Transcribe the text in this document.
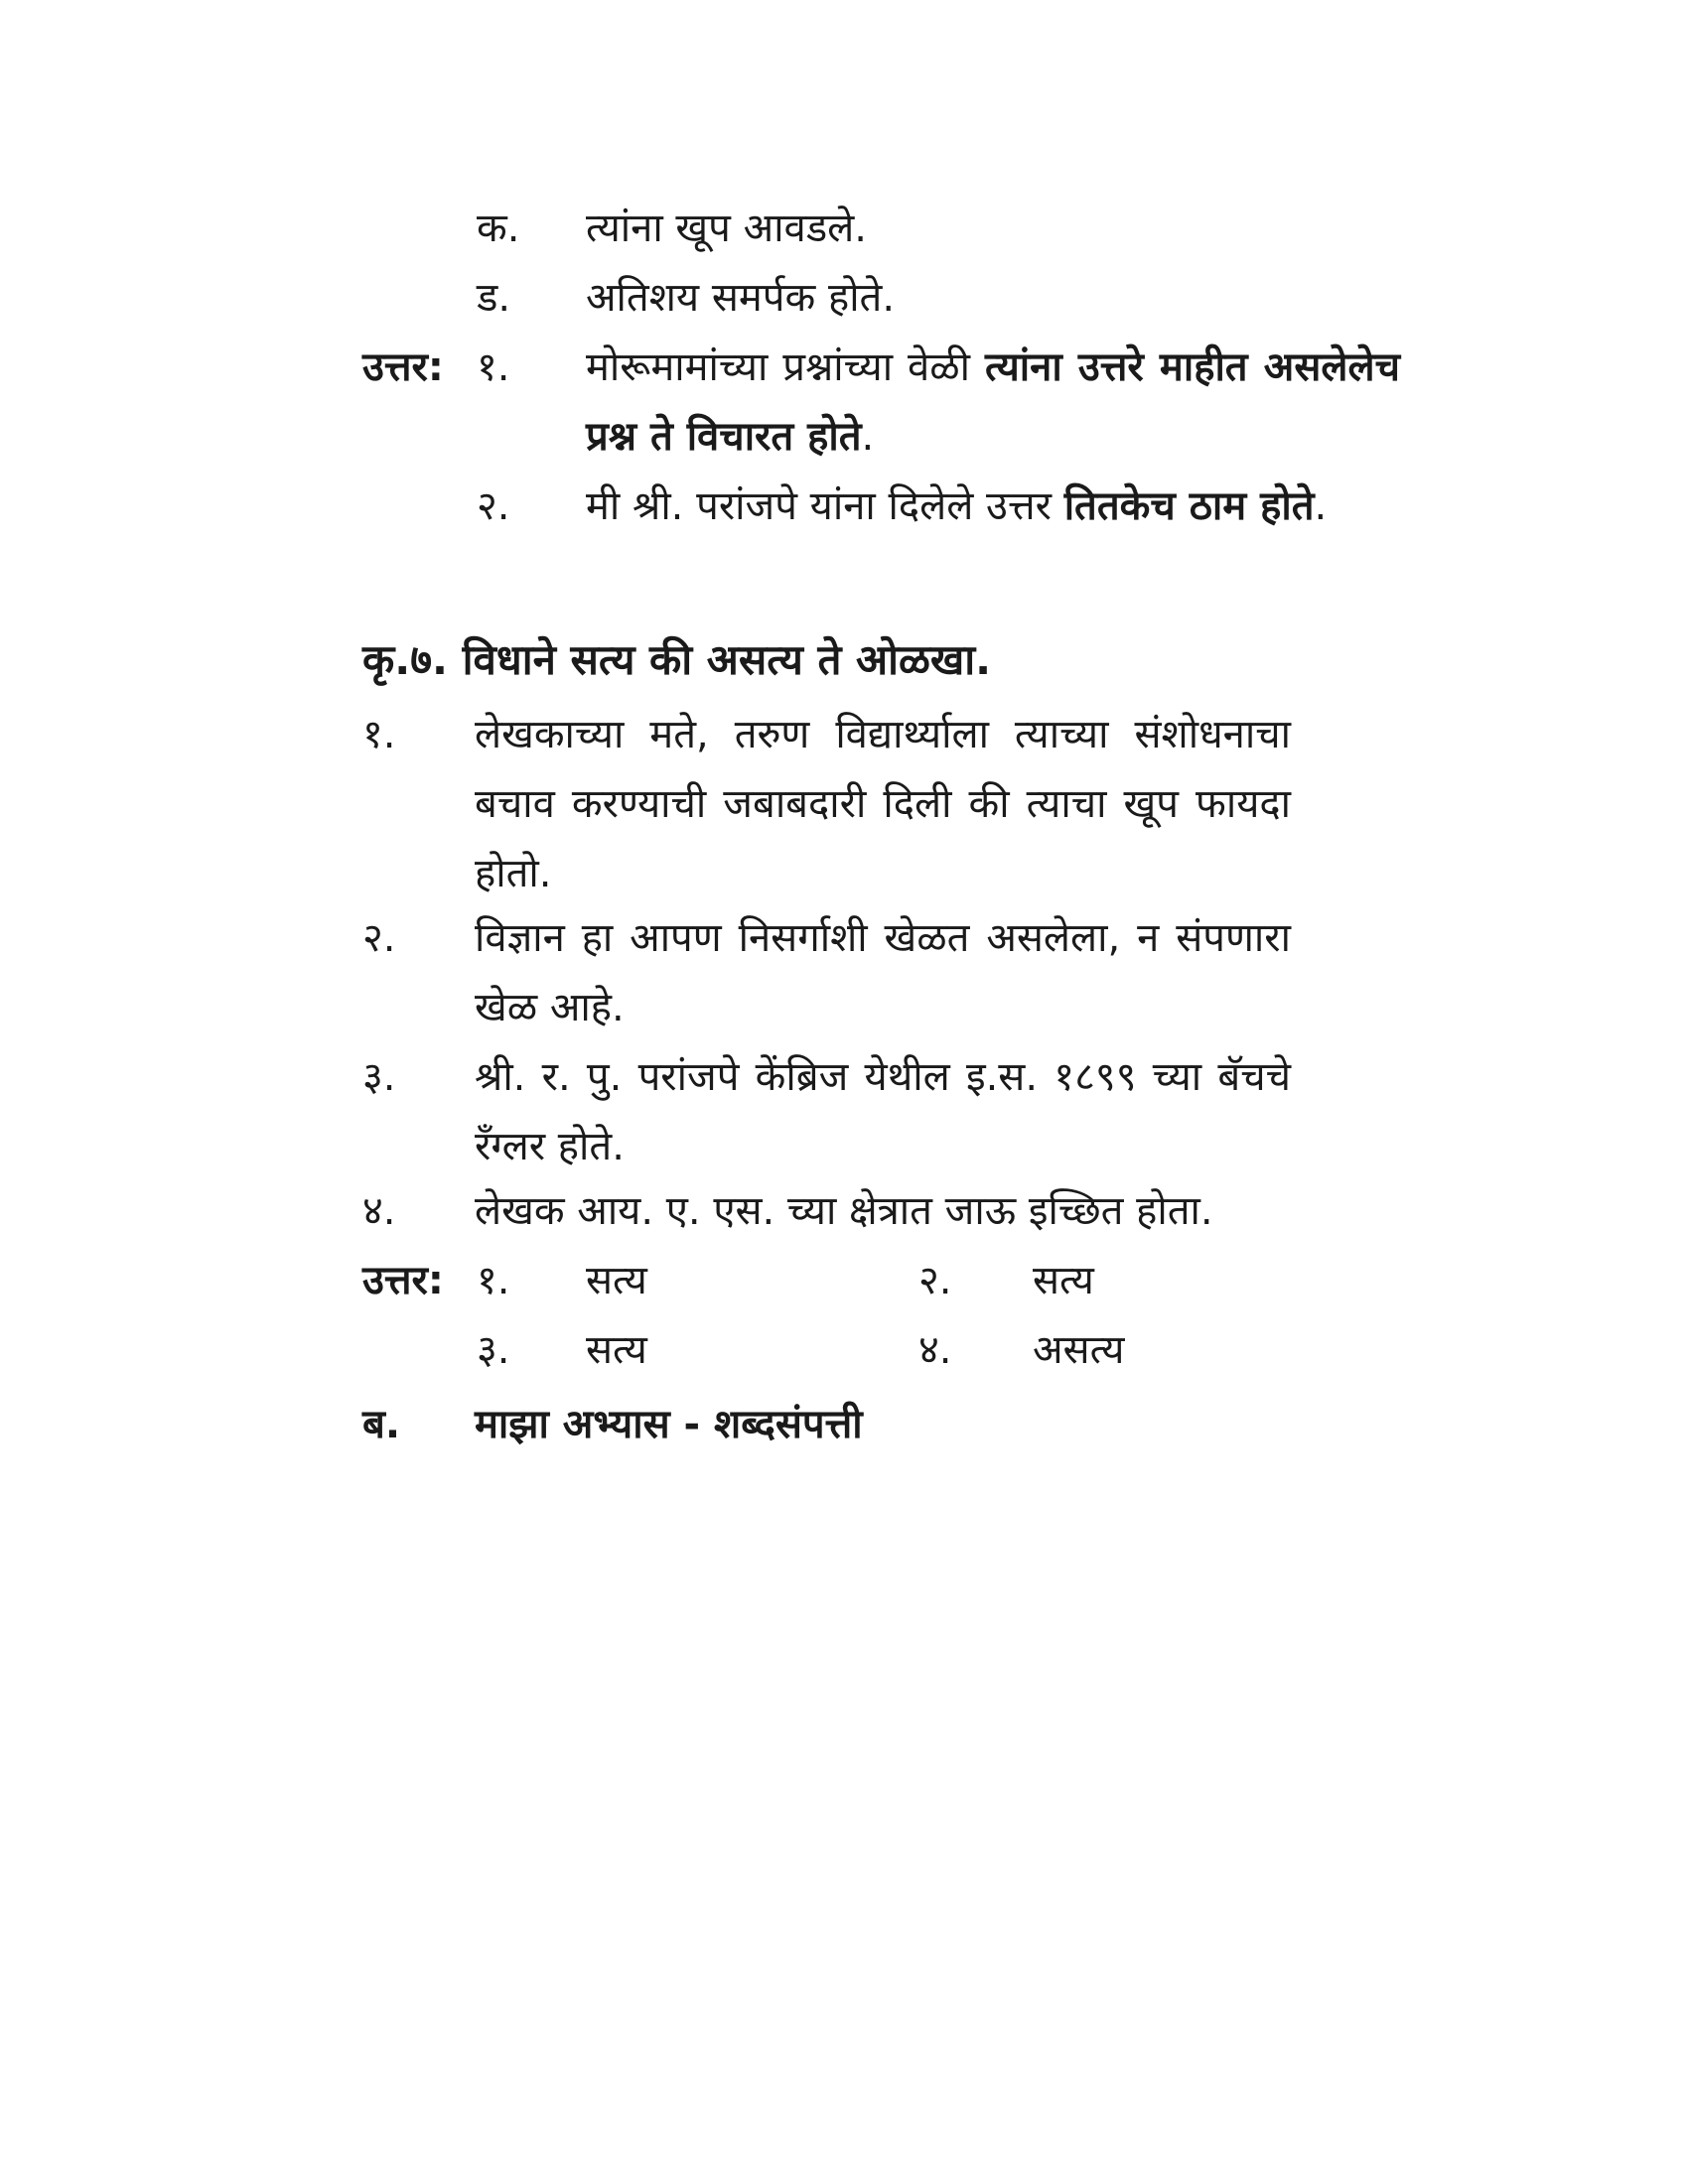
क. त्यांना खूप आवडले.
ड. अतिशय समर्पक होते.
उत्तर: १. मोरूमामांच्या प्रश्नांच्या वेळी त्यांना उत्तरे माहीत असलेलेच प्रश्न ते विचारत होते.
२. मी श्री. परांजपे यांना दिलेले उत्तर तितकेच ठाम होते.
कृ.७. विधाने सत्य की असत्य ते ओळखा.
१. लेखकाच्या मते, तरुण विद्यार्थ्याला त्याच्या संशोधनाचा बचाव करण्याची जबाबदारी दिली की त्याचा खूप फायदा होतो.
२. विज्ञान हा आपण निसर्गाशी खेळत असलेला, न संपणारा खेळ आहे.
३. श्री. र. पु. परांजपे केंब्रिज येथील इ.स. १८९९ च्या बॅचचे रँग्लर होते.
४. लेखक आय. ए. एस. च्या क्षेत्रात जाऊ इच्छित होता.
उत्तर: १. सत्य	२. सत्य
३. सत्य	४. असत्य
ब. माझा अभ्यास - शब्दसंपत्ती
